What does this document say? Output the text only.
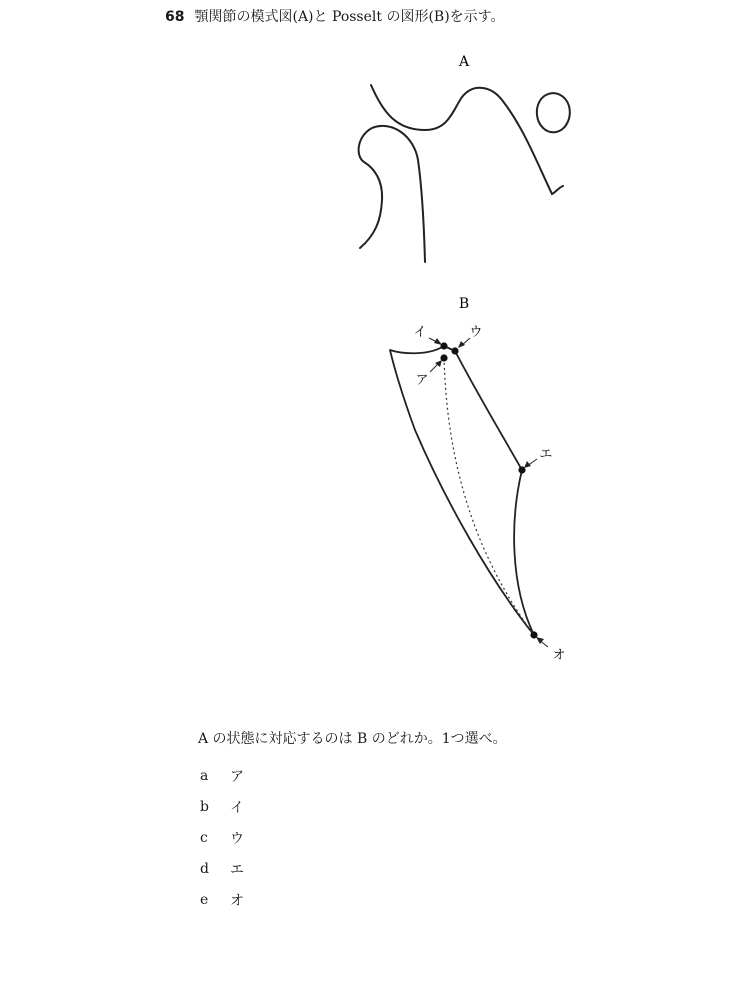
68 顎関節の模式図(A)と Posselt の図形(B)を示す。
A
B
イ	ウ
ア
エ
オ
A の状態に対応するのは B のどれか。1つ選べ。
a	ア
b	イ
c	ウ
d	エ
e	オ
